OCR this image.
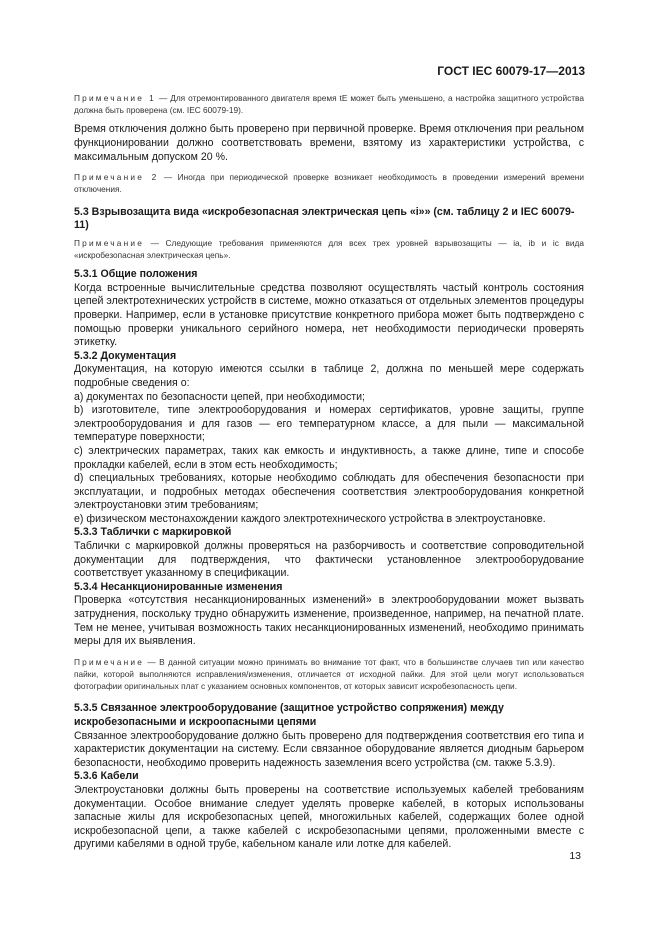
ГОСТ IEC 60079-17—2013

Примечание 1 — Для отремонтированного двигателя время tE может быть уменьшено, а настройка защитного устройства должна быть проверена (см. IEC 60079-19).

Время отключения должно быть проверено при первичной проверке. Время отключения при реальном функционировании должно соответствовать времени, взятому из характеристики устройства, с максимальным допуском 20 %.

Примечание 2 — Иногда при периодической проверке возникает необходимость в проведении измерений времени отключения.

5.3 Взрывозащита вида «искробезопасная электрическая цепь «i»» (см. таблицу 2 и IEC 60079-11)

Примечание — Следующие требования применяются для всех трех уровней взрывозащиты — ia, ib и ic вида «искробезопасная электрическая цепь».

5.3.1 Общие положения

Когда встроенные вычислительные средства позволяют осуществлять частый контроль состояния цепей электротехнических устройств в системе, можно отказаться от отдельных элементов процедуры проверки. Например, если в установке присутствие конкретного прибора может быть подтверждено с помощью проверки уникального серийного номера, нет необходимости периодически проверять этикетку.

5.3.2 Документация

Документация, на которую имеются ссылки в таблице 2, должна по меньшей мере содержать подробные сведения о:

a) документах по безопасности цепей, при необходимости;

b) изготовителе, типе электрооборудования и номерах сертификатов, уровне защиты, группе электрооборудования и для газов — его температурном классе, а для пыли — максимальной температуре поверхности;

c) электрических параметрах, таких как емкость и индуктивность, а также длине, типе и способе прокладки кабелей, если в этом есть необходимость;

d) специальных требованиях, которые необходимо соблюдать для обеспечения безопасности при эксплуатации, и подробных методах обеспечения соответствия электрооборудования конкретной электроустановки этим требованиям;

e) физическом местонахождении каждого электротехнического устройства в электроустановке.

5.3.3 Таблички с маркировкой

Таблички с маркировкой должны проверяться на разборчивость и соответствие сопроводительной документации для подтверждения, что фактически установленное электрооборудование соответствует указанному в спецификации.

5.3.4 Несанкционированные изменения

Проверка «отсутствия несанкционированных изменений» в электрооборудовании может вызвать затруднения, поскольку трудно обнаружить изменение, произведенное, например, на печатной плате. Тем не менее, учитывая возможность таких несанкционированных изменений, необходимо принимать меры для их выявления.

Примечание — В данной ситуации можно принимать во внимание тот факт, что в большинстве случаев тип или качество пайки, которой выполняются исправления/изменения, отличается от исходной пайки. Для этой цели могут использоваться фотографии оригинальных плат с указанием основных компонентов, от которых зависит искробезопасность цепи.

5.3.5 Связанное электрооборудование (защитное устройство сопряжения) между искробезопасными и искроопасными цепями

Связанное электрооборудование должно быть проверено для подтверждения соответствия его типа и характеристик документации на систему. Если связанное оборудование является диодным барьером безопасности, необходимо проверить надежность заземления всего устройства (см. также 5.3.9).

5.3.6 Кабели

Электроустановки должны быть проверены на соответствие используемых кабелей требованиям документации. Особое внимание следует уделять проверке кабелей, в которых использованы запасные жилы для искробезопасных цепей, многожильных кабелей, содержащих более одной искробезопасной цепи, а также кабелей с искробезопасными цепями, проложенными вместе с другими кабелями в одной трубе, кабельном канале или лотке для кабелей.

13
